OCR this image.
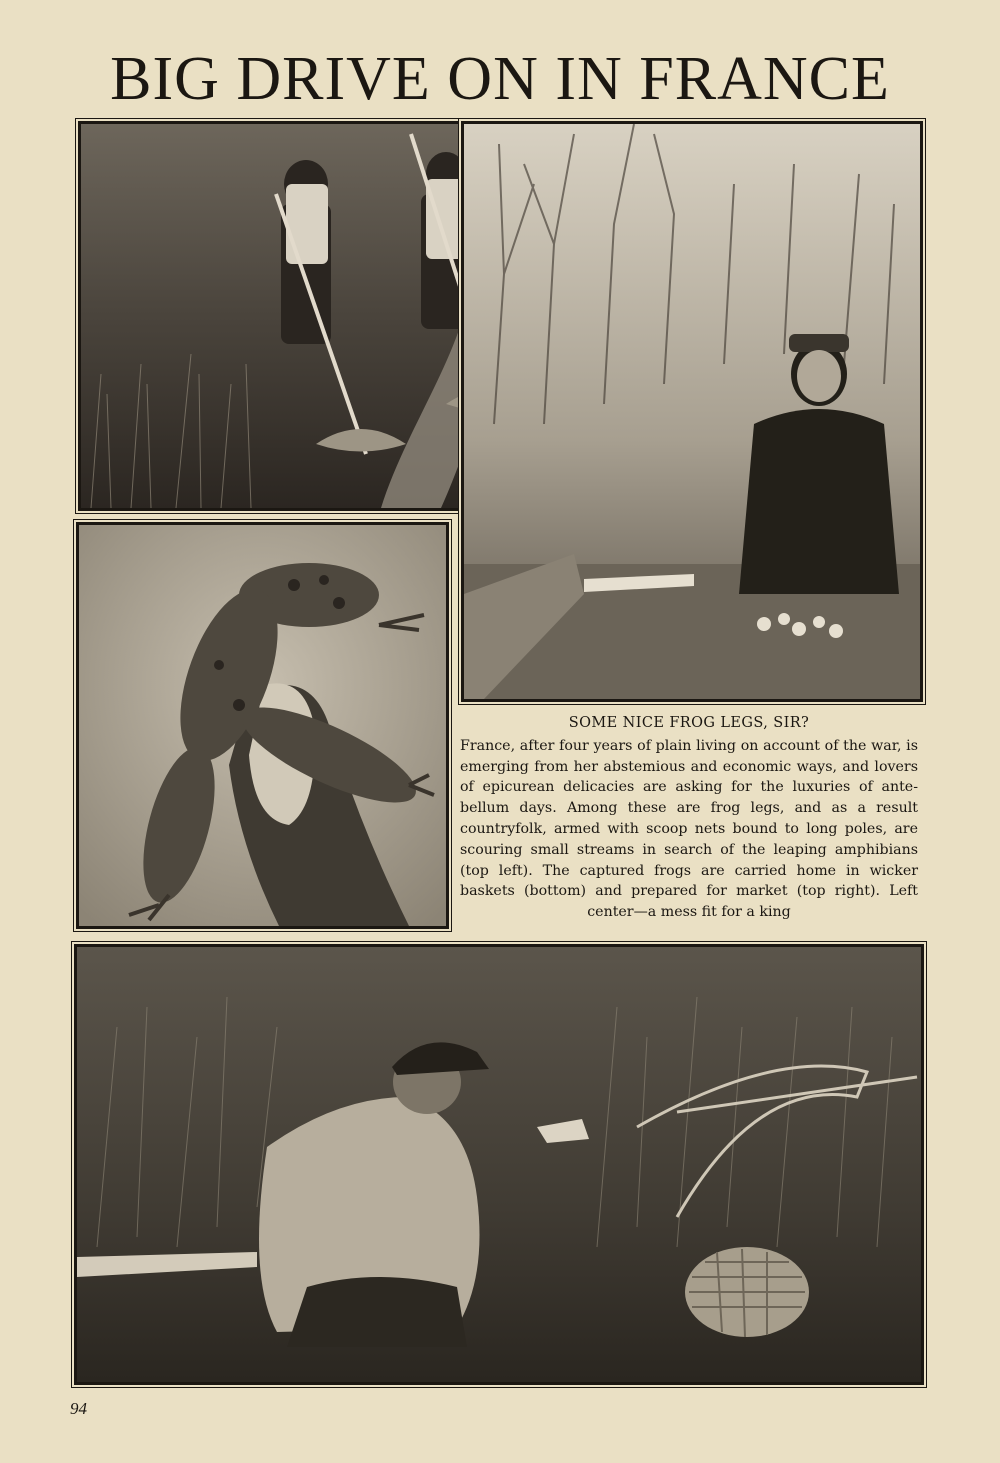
BIG DRIVE ON IN FRANCE

SOME NICE FROG LEGS, SIR?

France, after four years of plain living on account of the war, is emerging from her abstemious and economic ways, and lovers of epicurean delicacies are asking for the luxuries of ante-bellum days. Among these are frog legs, and as a result countryfolk, armed with scoop nets bound to long poles, are scouring small streams in search of the leaping amphibians (top left). The captured frogs are carried home in wicker baskets (bottom) and prepared for market (top right). Left center—a mess fit for a king

94
